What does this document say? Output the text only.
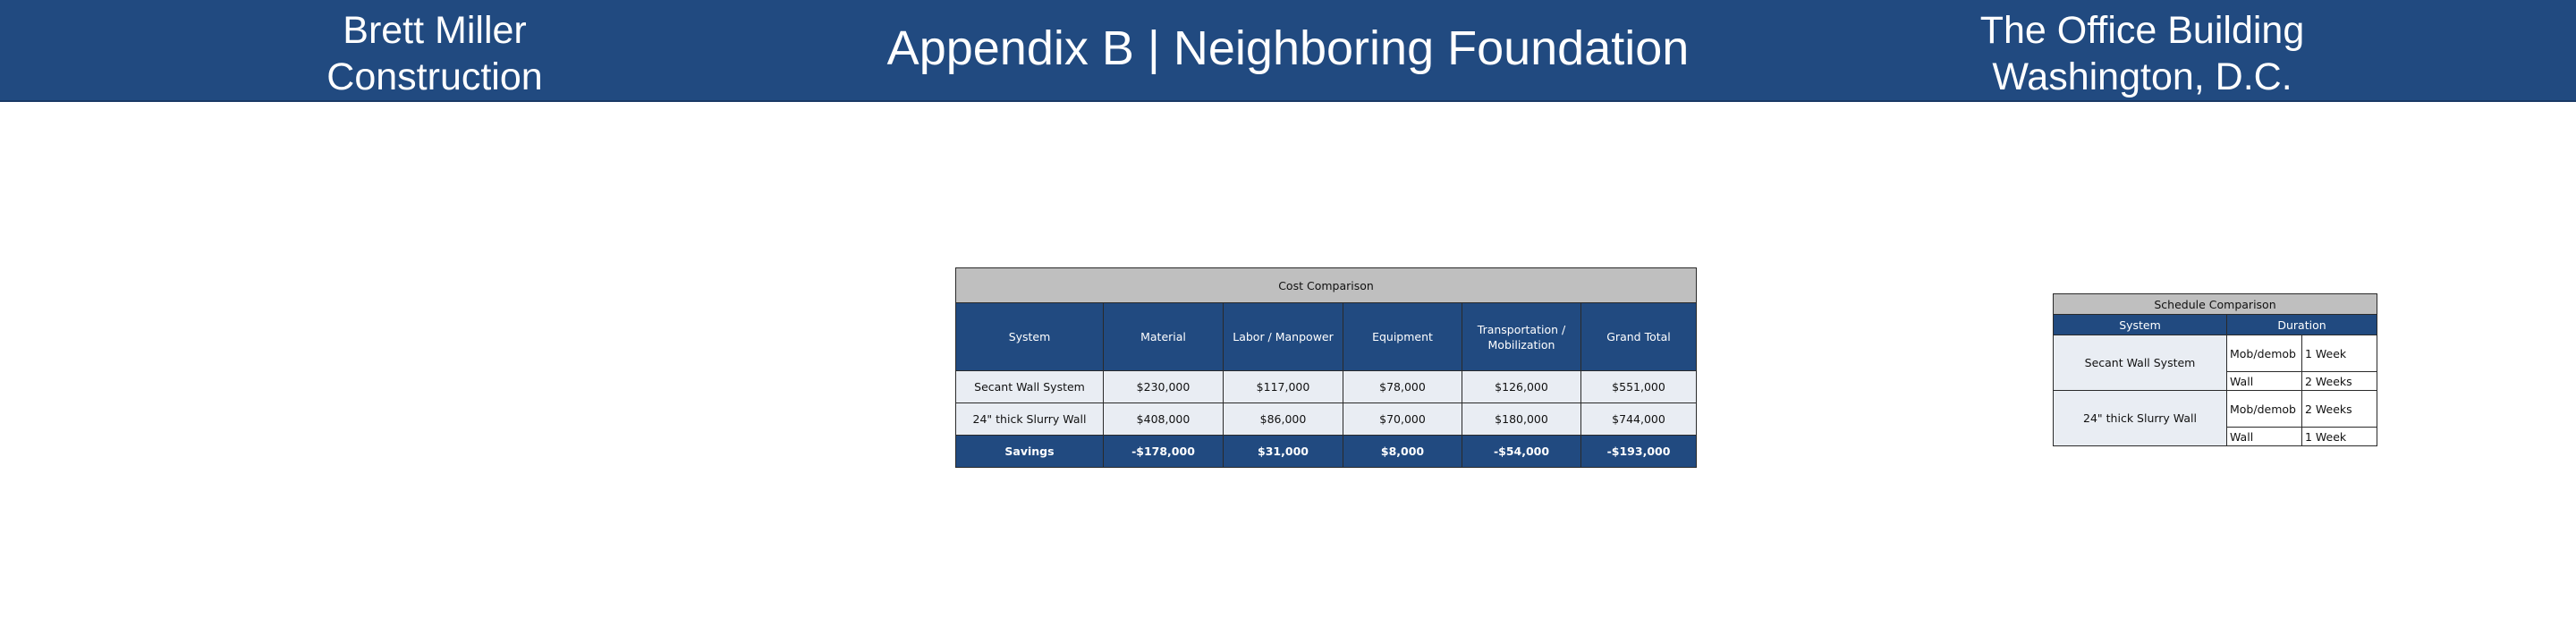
Brett Miller
Construction
Appendix B | Neighboring Foundation	The Office Building
Washington, D.C.
Cost Comparison					
System	Material	Labor / Manpower	Equipment	Transportation / Mobilization	Grand Total
Secant Wall System	$230,000	$117,000	$78,000	$126,000	$551,000
24" thick Slurry Wall	$408,000	$86,000	$70,000	$180,000	$744,000
Savings	-$178,000	$31,000	$8,000	-$54,000	-$193,000
Schedule Comparison		
System	Duration	
Secant Wall System	Mob/demob	1 Week
	Wall	2 Weeks
24" thick Slurry Wall	Mob/demob	2 Weeks
	Wall	1 Week
